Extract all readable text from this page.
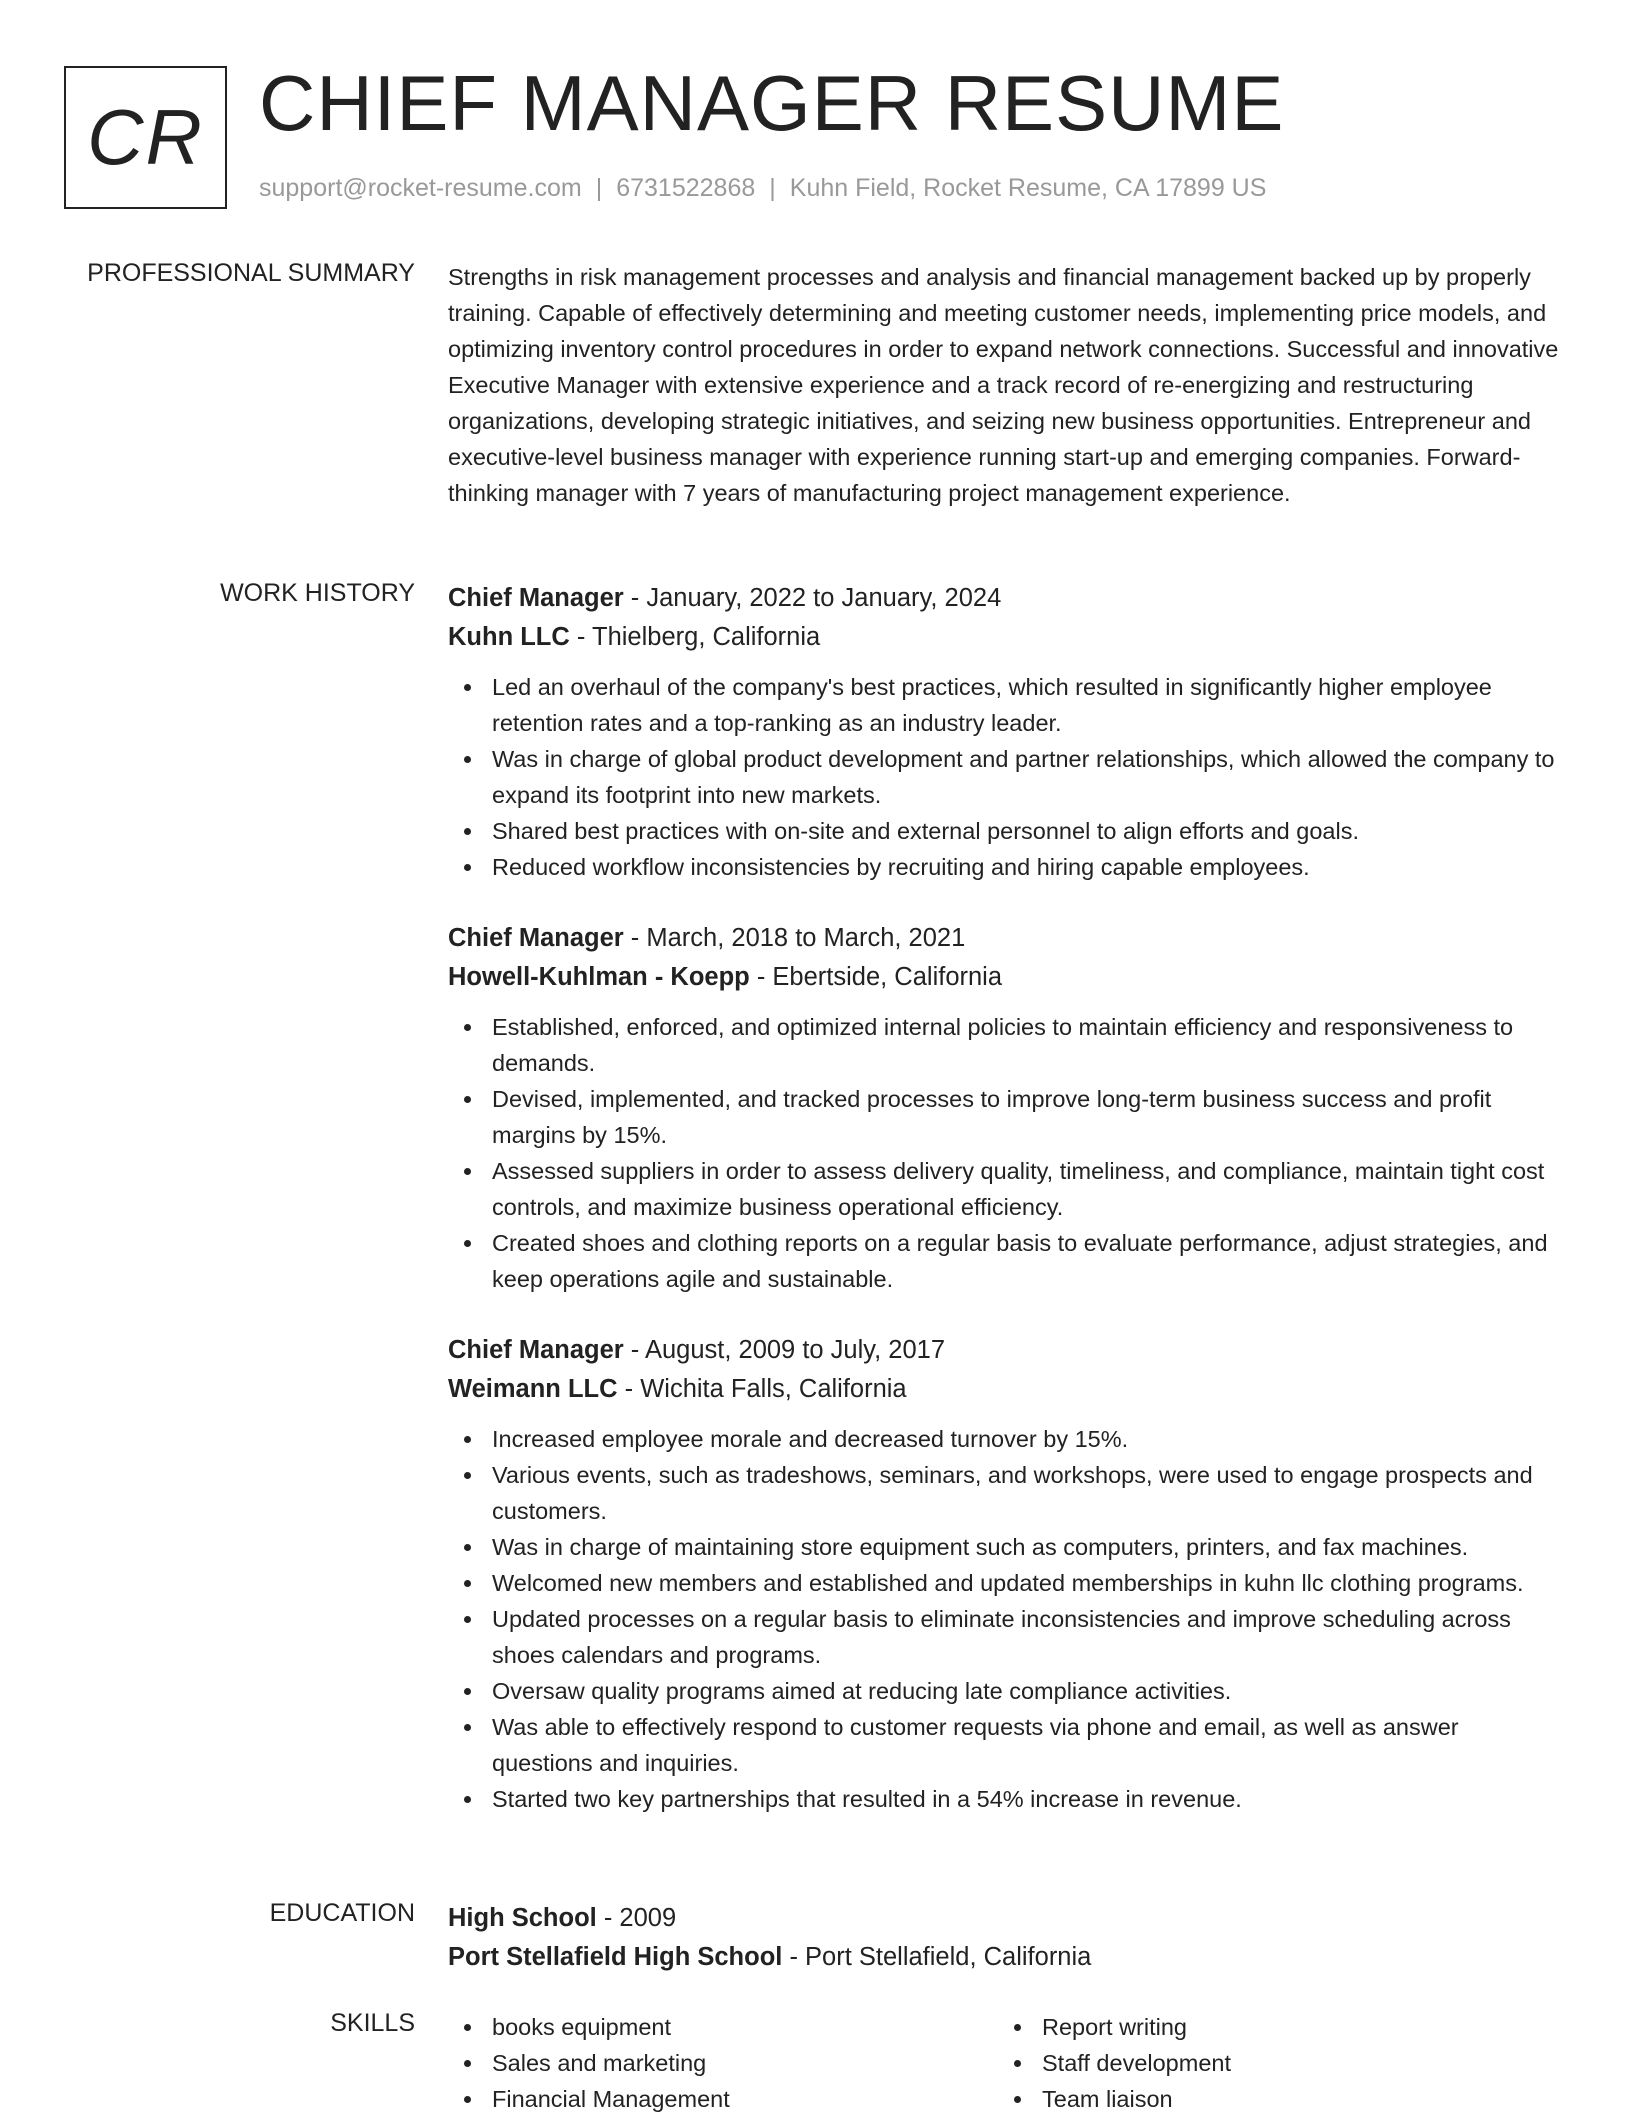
CR CHIEF MANAGER RESUME
support@rocket-resume.com | 6731522868 | Kuhn Field, Rocket Resume, CA 17899 US
PROFESSIONAL SUMMARY Strengths in risk management processes and analysis and financial management backed up by properly training. Capable of effectively determining and meeting customer needs, implementing price models, and optimizing inventory control procedures in order to expand network connections. Successful and innovative Executive Manager with extensive experience and a track record of re-energizing and restructuring organizations, developing strategic initiatives, and seizing new business opportunities. Entrepreneur and executive-level business manager with experience running start-up and emerging companies. Forward-thinking manager with 7 years of manufacturing project management experience.

WORK HISTORY Chief Manager - January, 2022 to January, 2024
Kuhn LLC - Thielberg, California
Led an overhaul of the company's best practices, which resulted in significantly higher employee retention rates and a top-ranking as an industry leader.
Was in charge of global product development and partner relationships, which allowed the company to expand its footprint into new markets.
Shared best practices with on-site and external personnel to align efforts and goals.
Reduced workflow inconsistencies by recruiting and hiring capable employees.
Chief Manager - March, 2018 to March, 2021
Howell-Kuhlman - Koepp - Ebertside, California
Established, enforced, and optimized internal policies to maintain efficiency and responsiveness to demands.
Devised, implemented, and tracked processes to improve long-term business success and profit margins by 15%.
Assessed suppliers in order to assess delivery quality, timeliness, and compliance, maintain tight cost controls, and maximize business operational efficiency.
Created shoes and clothing reports on a regular basis to evaluate performance, adjust strategies, and keep operations agile and sustainable.
Chief Manager - August, 2009 to July, 2017
Weimann LLC - Wichita Falls, California
Increased employee morale and decreased turnover by 15%.
Various events, such as tradeshows, seminars, and workshops, were used to engage prospects and customers.
Was in charge of maintaining store equipment such as computers, printers, and fax machines.
Welcomed new members and established and updated memberships in kuhn llc clothing programs.
Updated processes on a regular basis to eliminate inconsistencies and improve scheduling across shoes calendars and programs.
Oversaw quality programs aimed at reducing late compliance activities.
Was able to effectively respond to customer requests via phone and email, as well as answer questions and inquiries.
Started two key partnerships that resulted in a 54% increase in revenue.
EDUCATION High School - 2009
Port Stellafield High School - Port Stellafield, California
SKILLS	books equipment
Sales and marketing
Financial Management
Report writing
Staff development
Team liaison
